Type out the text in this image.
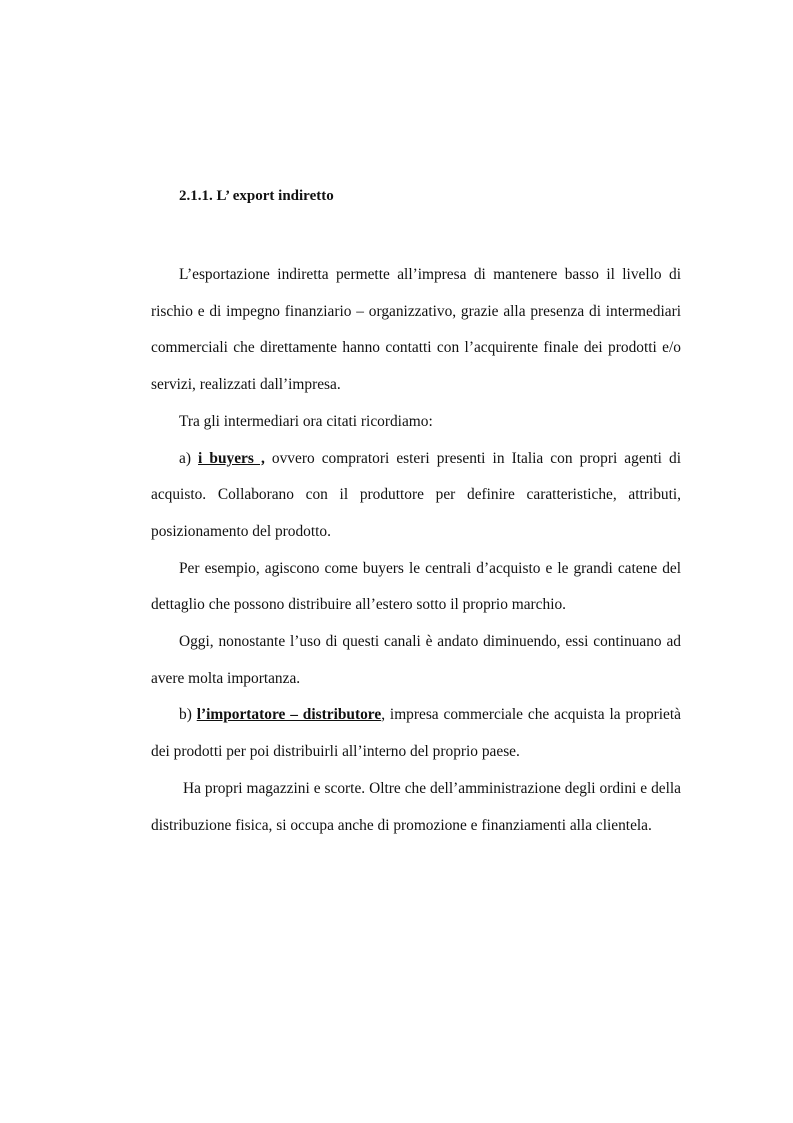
2.1.1. L’ export indiretto

L’esportazione indiretta permette all’impresa di mantenere basso il livello di rischio e di impegno finanziario – organizzativo, grazie alla presenza di intermediari commerciali che direttamente hanno contatti con l’acquirente finale dei prodotti e/o servizi, realizzati dall’impresa.

Tra gli intermediari ora citati ricordiamo:

a) i buyers , ovvero compratori esteri presenti in Italia con propri agenti di acquisto. Collaborano con il produttore per definire caratteristiche, attributi, posizionamento del prodotto.

Per esempio, agiscono come buyers le centrali d’acquisto e le grandi catene del dettaglio che possono distribuire all’estero sotto il proprio marchio.

Oggi, nonostante l’uso di questi canali è andato diminuendo, essi continuano ad avere molta importanza.

b) l’importatore – distributore, impresa commerciale che acquista la proprietà dei prodotti per poi distribuirli all’interno del proprio paese.

Ha propri magazzini e scorte. Oltre che dell’amministrazione degli ordini e della distribuzione fisica, si occupa anche di promozione e finanziamenti alla clientela.
